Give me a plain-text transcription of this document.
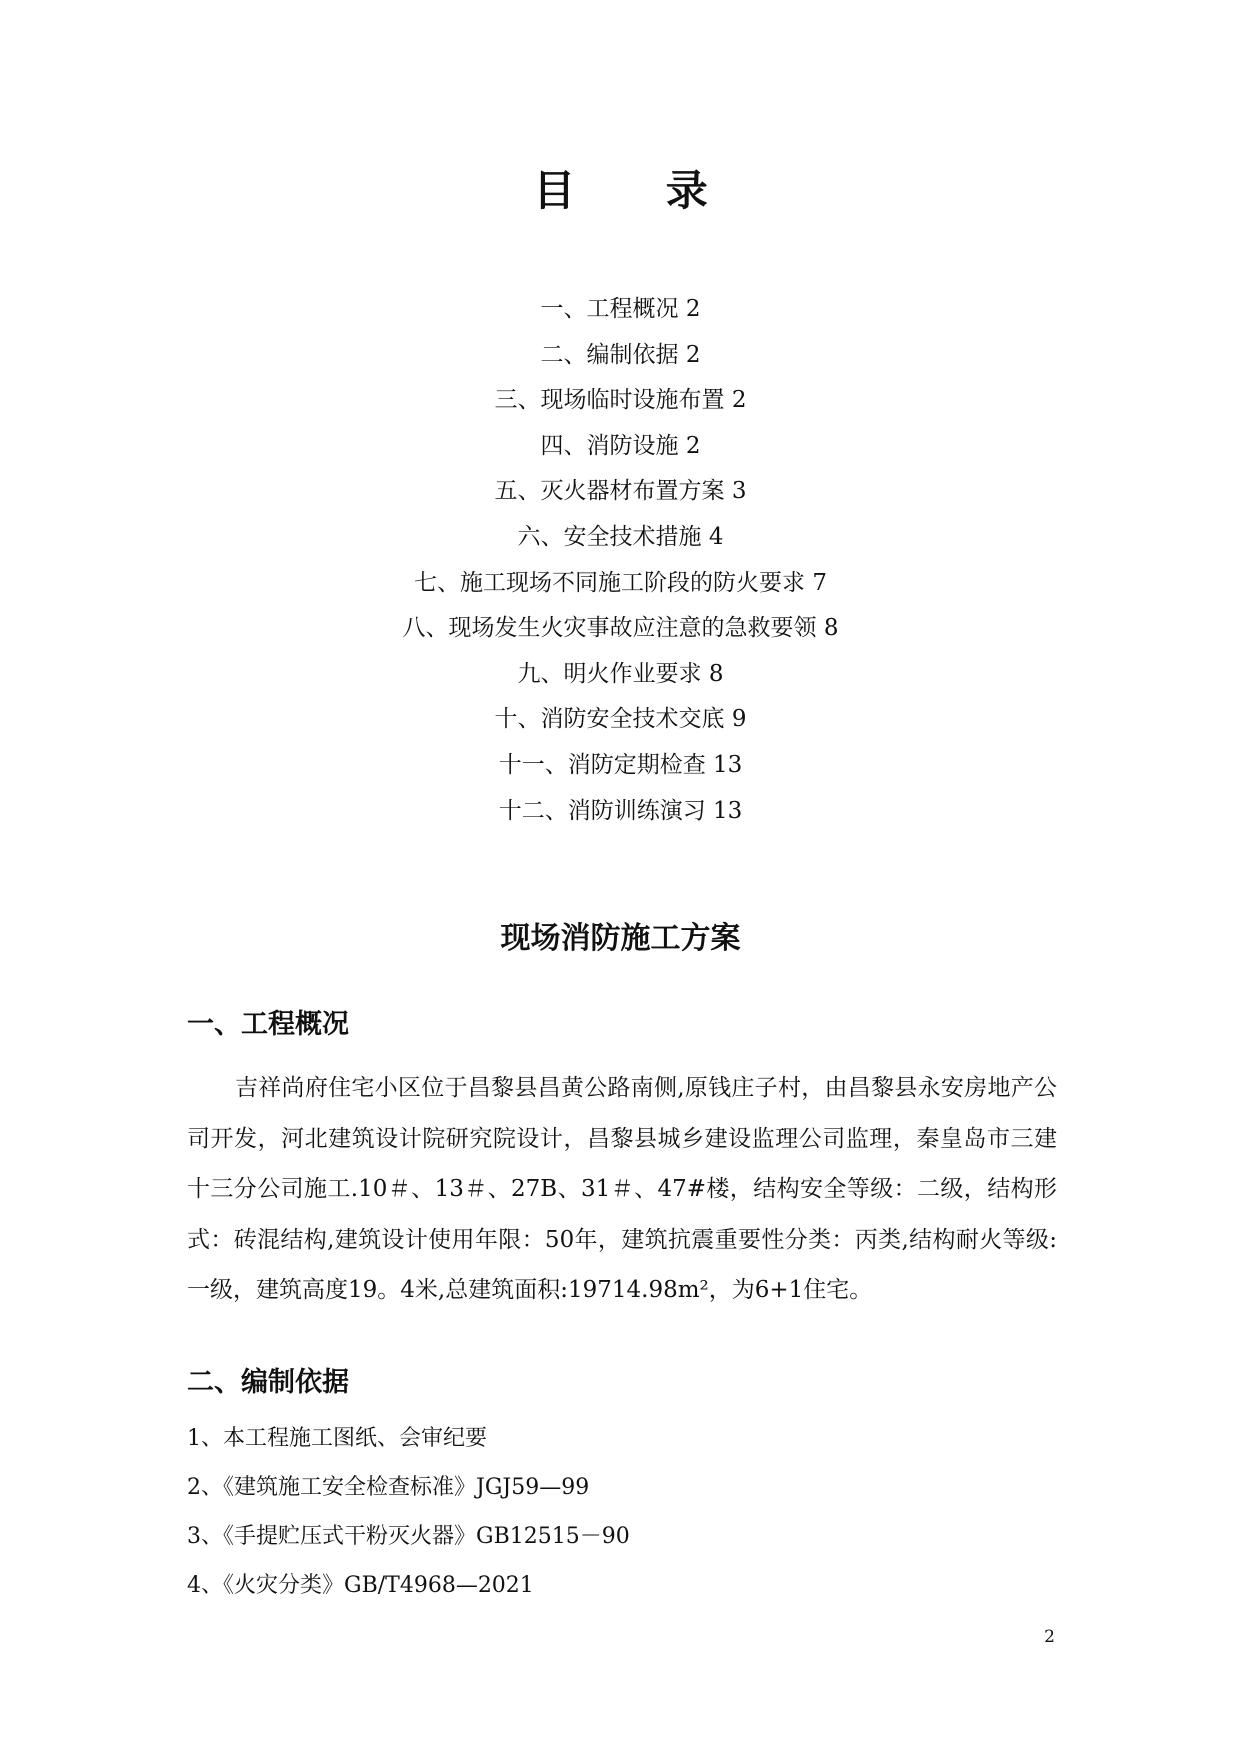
目 录
一、工程概况 2
二、编制依据 2
三、现场临时设施布置 2
四、消防设施 2
五、灭火器材布置方案 3
六、安全技术措施 4
七、施工现场不同施工阶段的防火要求 7
八、现场发生火灾事故应注意的急救要领 8
九、明火作业要求 8
十、消防安全技术交底 9
十一、消防定期检查 13
十二、消防训练演习 13
现场消防施工方案
一、工程概况

吉祥尚府住宅小区位于昌黎县昌黄公路南侧,原钱庄子村，由昌黎县永安房地产公司开发，河北建筑设计院研究院设计，昌黎县城乡建设监理公司监理，秦皇岛市三建十三分公司施工.10＃、13＃、27B、31＃、47#楼，结构安全等级：二级，结构形式：砖混结构,建筑设计使用年限：50年，建筑抗震重要性分类：丙类,结构耐火等级:一级，建筑高度19。4米,总建筑面积:19714.98m²，为6+1住宅。

二、编制依据
1、本工程施工图纸、会审纪要
2、《建筑施工安全检查标准》JGJ59—99
3、《手提贮压式干粉灭火器》GB12515－90
4、《火灾分类》GB/T4968—2021
2
